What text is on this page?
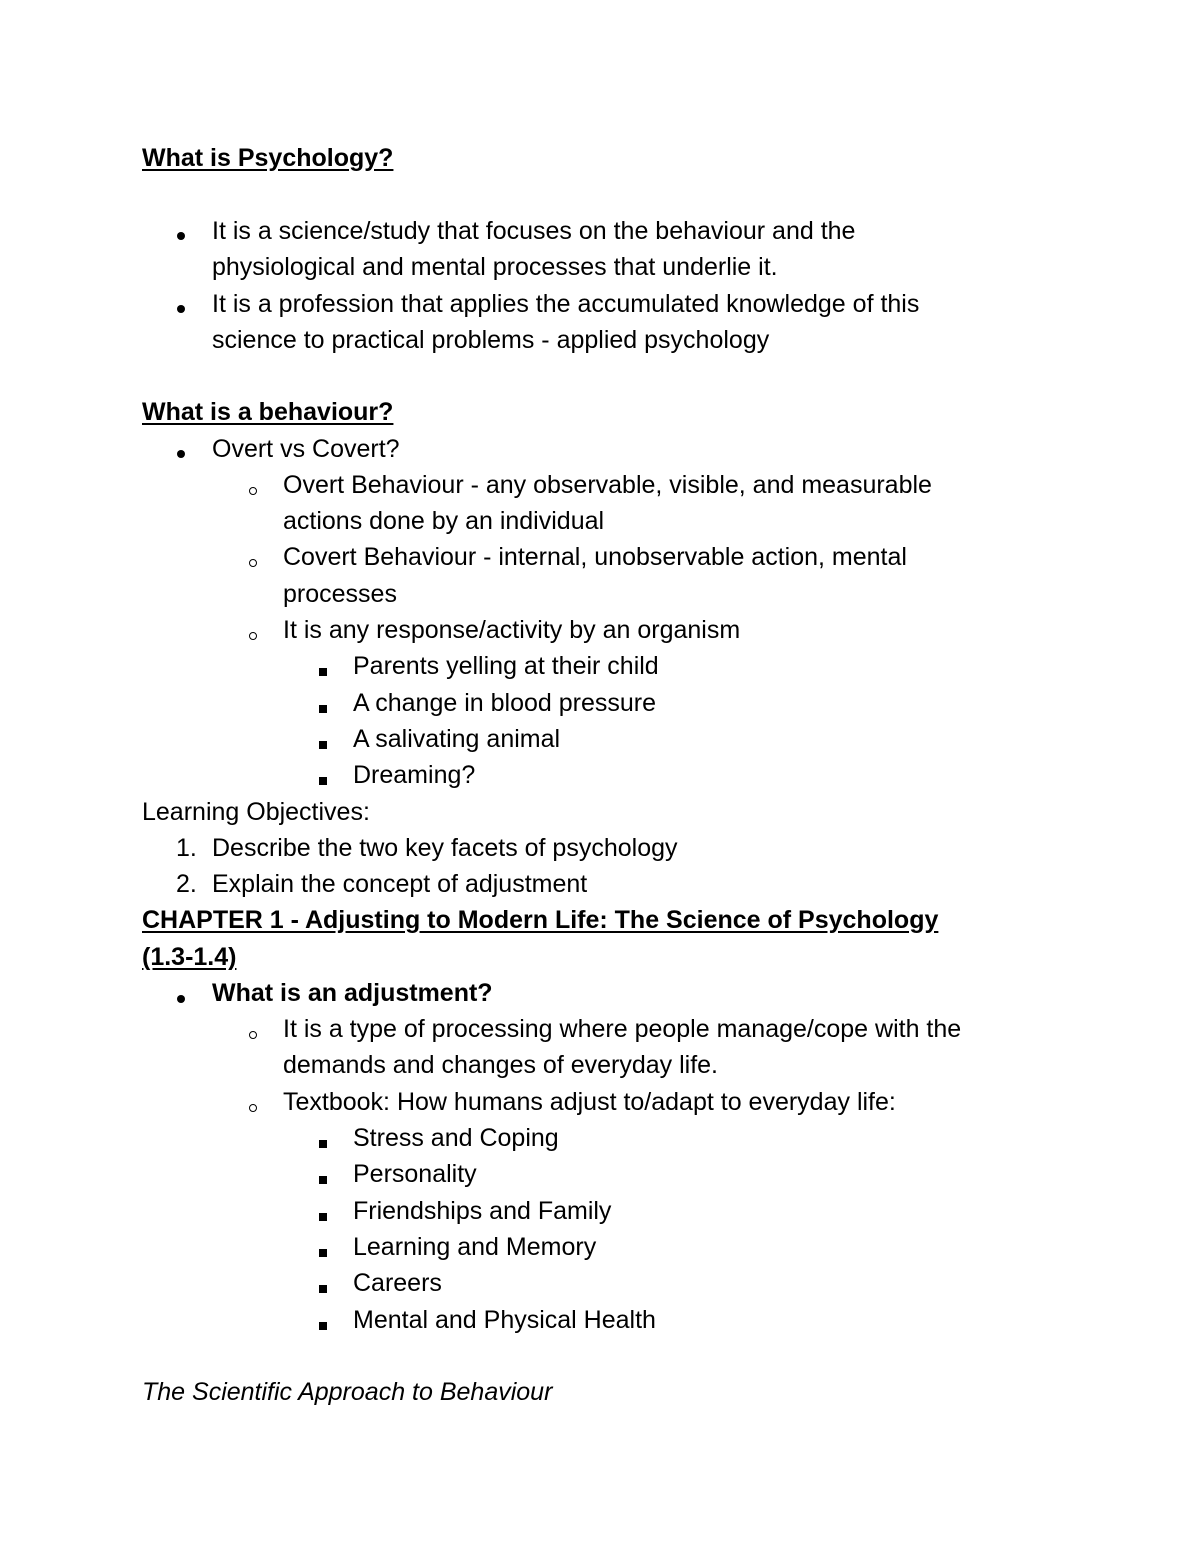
What is Psychology?
It is a science/study that focuses on the behaviour and the
physiological and mental processes that underlie it.
It is a profession that applies the accumulated knowledge of this
science to practical problems - applied psychology
What is a behaviour?
Overt vs Covert?
Overt Behaviour - any observable, visible, and measurable
actions done by an individual
Covert Behaviour - internal, unobservable action, mental
processes
It is any response/activity by an organism
Parents yelling at their child
A change in blood pressure
A salivating animal
Dreaming?
Learning Objectives:
1. Describe the two key facets of psychology
2. Explain the concept of adjustment
CHAPTER 1 - Adjusting to Modern Life: The Science of Psychology
(1.3-1.4)
What is an adjustment?
It is a type of processing where people manage/cope with the
demands and changes of everyday life.
Textbook: How humans adjust to/adapt to everyday life:
Stress and Coping
Personality
Friendships and Family
Learning and Memory
Careers
Mental and Physical Health
The Scientific Approach to Behaviour
